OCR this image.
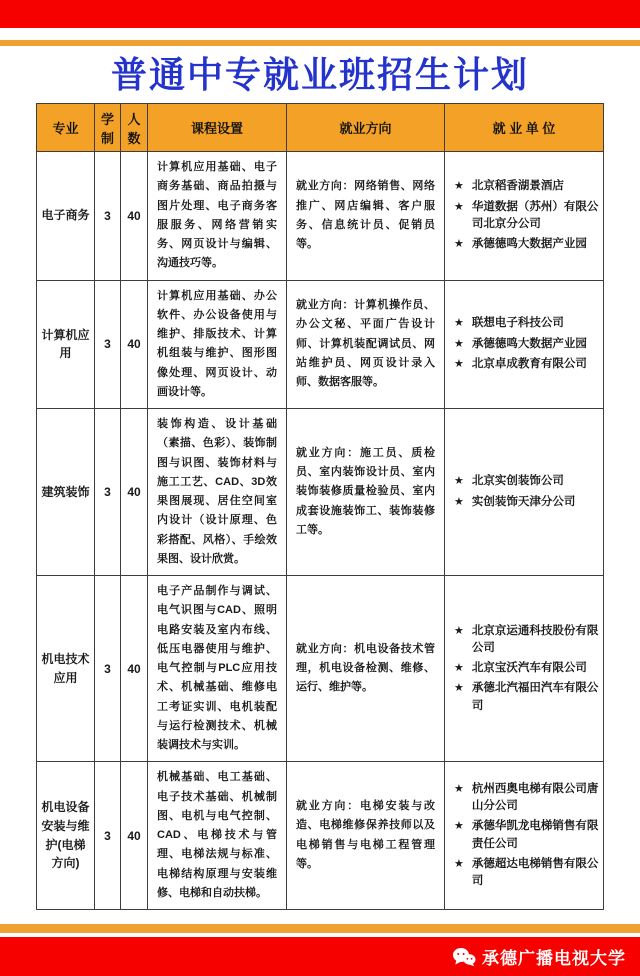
普通中专就业班招生计划
专业	学制	人数	课程设置	就业方向	就 业 单 位
电子商务	3	40	计算机应用基础、电子商务基础、商品拍摄与图片处理、电子商务客服服务、网络营销实务、网页设计与编辑、沟通技巧等。	就业方向：网络销售、网络推广、网店编辑、客户服务、信息统计员、促销员等。	
★ 北京稻香湖景酒店
★ 华道数据（苏州）有限公司北京分公司
★ 承德德鸣大数据产业园

计算机应用	3	40	计算机应用基础、办公软件、办公设备使用与维护、排版技术、计算机组装与维护、图形图像处理、网页设计、动画设计等。	就业方向：计算机操作员、办公文秘、平面广告设计师、计算机装配调试员、网站维护员、网页设计录入师、数据客服等。	
★ 联想电子科技公司
★ 承德德鸣大数据产业园
★ 北京卓成教育有限公司

建筑装饰	3	40	装饰构造、设计基础（素描、色彩）、装饰制图与识图、装饰材料与施工工艺、CAD、3D效果图展现、居住空间室内设计（设计原理、色彩搭配、风格）、手绘效果图、设计欣赏。	就业方向：施工员、质检员、室内装饰设计员、室内装饰装修质量检验员、室内成套设施装饰工、装饰装修工等。	★ 北京实创装饰公司
★ 实创装饰天津分公司

机电技术应用	3	40	电子产品制作与调试、电气识图与CAD、照明电路安装及室内布线、低压电器使用与维护、电气控制与PLC应用技术、机械基础、维修电工考证实训、电机装配与运行检测技术、机械装调技术与实训。	就业方向：机电设备技术管理，机电设备检测、维修、运行、维护等。	
★ 北京京运通科技股份有限公司
★ 北京宝沃汽车有限公司
★ 承德北汽福田汽车有限公司

机电设备安装与维护(电梯方向)	3	40	机械基础、电工基础、电子技术基础、机械制图、电机与电气控制、CAD、电梯技术与管理、电梯法规与标准、电梯结构原理与安装维修、电梯和自动扶梯。	就业方向：电梯安装与改造、电梯维修保养技师以及电梯销售与电梯工程管理等。	
★ 杭州西奥电梯有限公司唐山分公司
★ 承德华凯龙电梯销售有限责任公司
★ 承德超达电梯销售有限公司
承德广播电视大学
